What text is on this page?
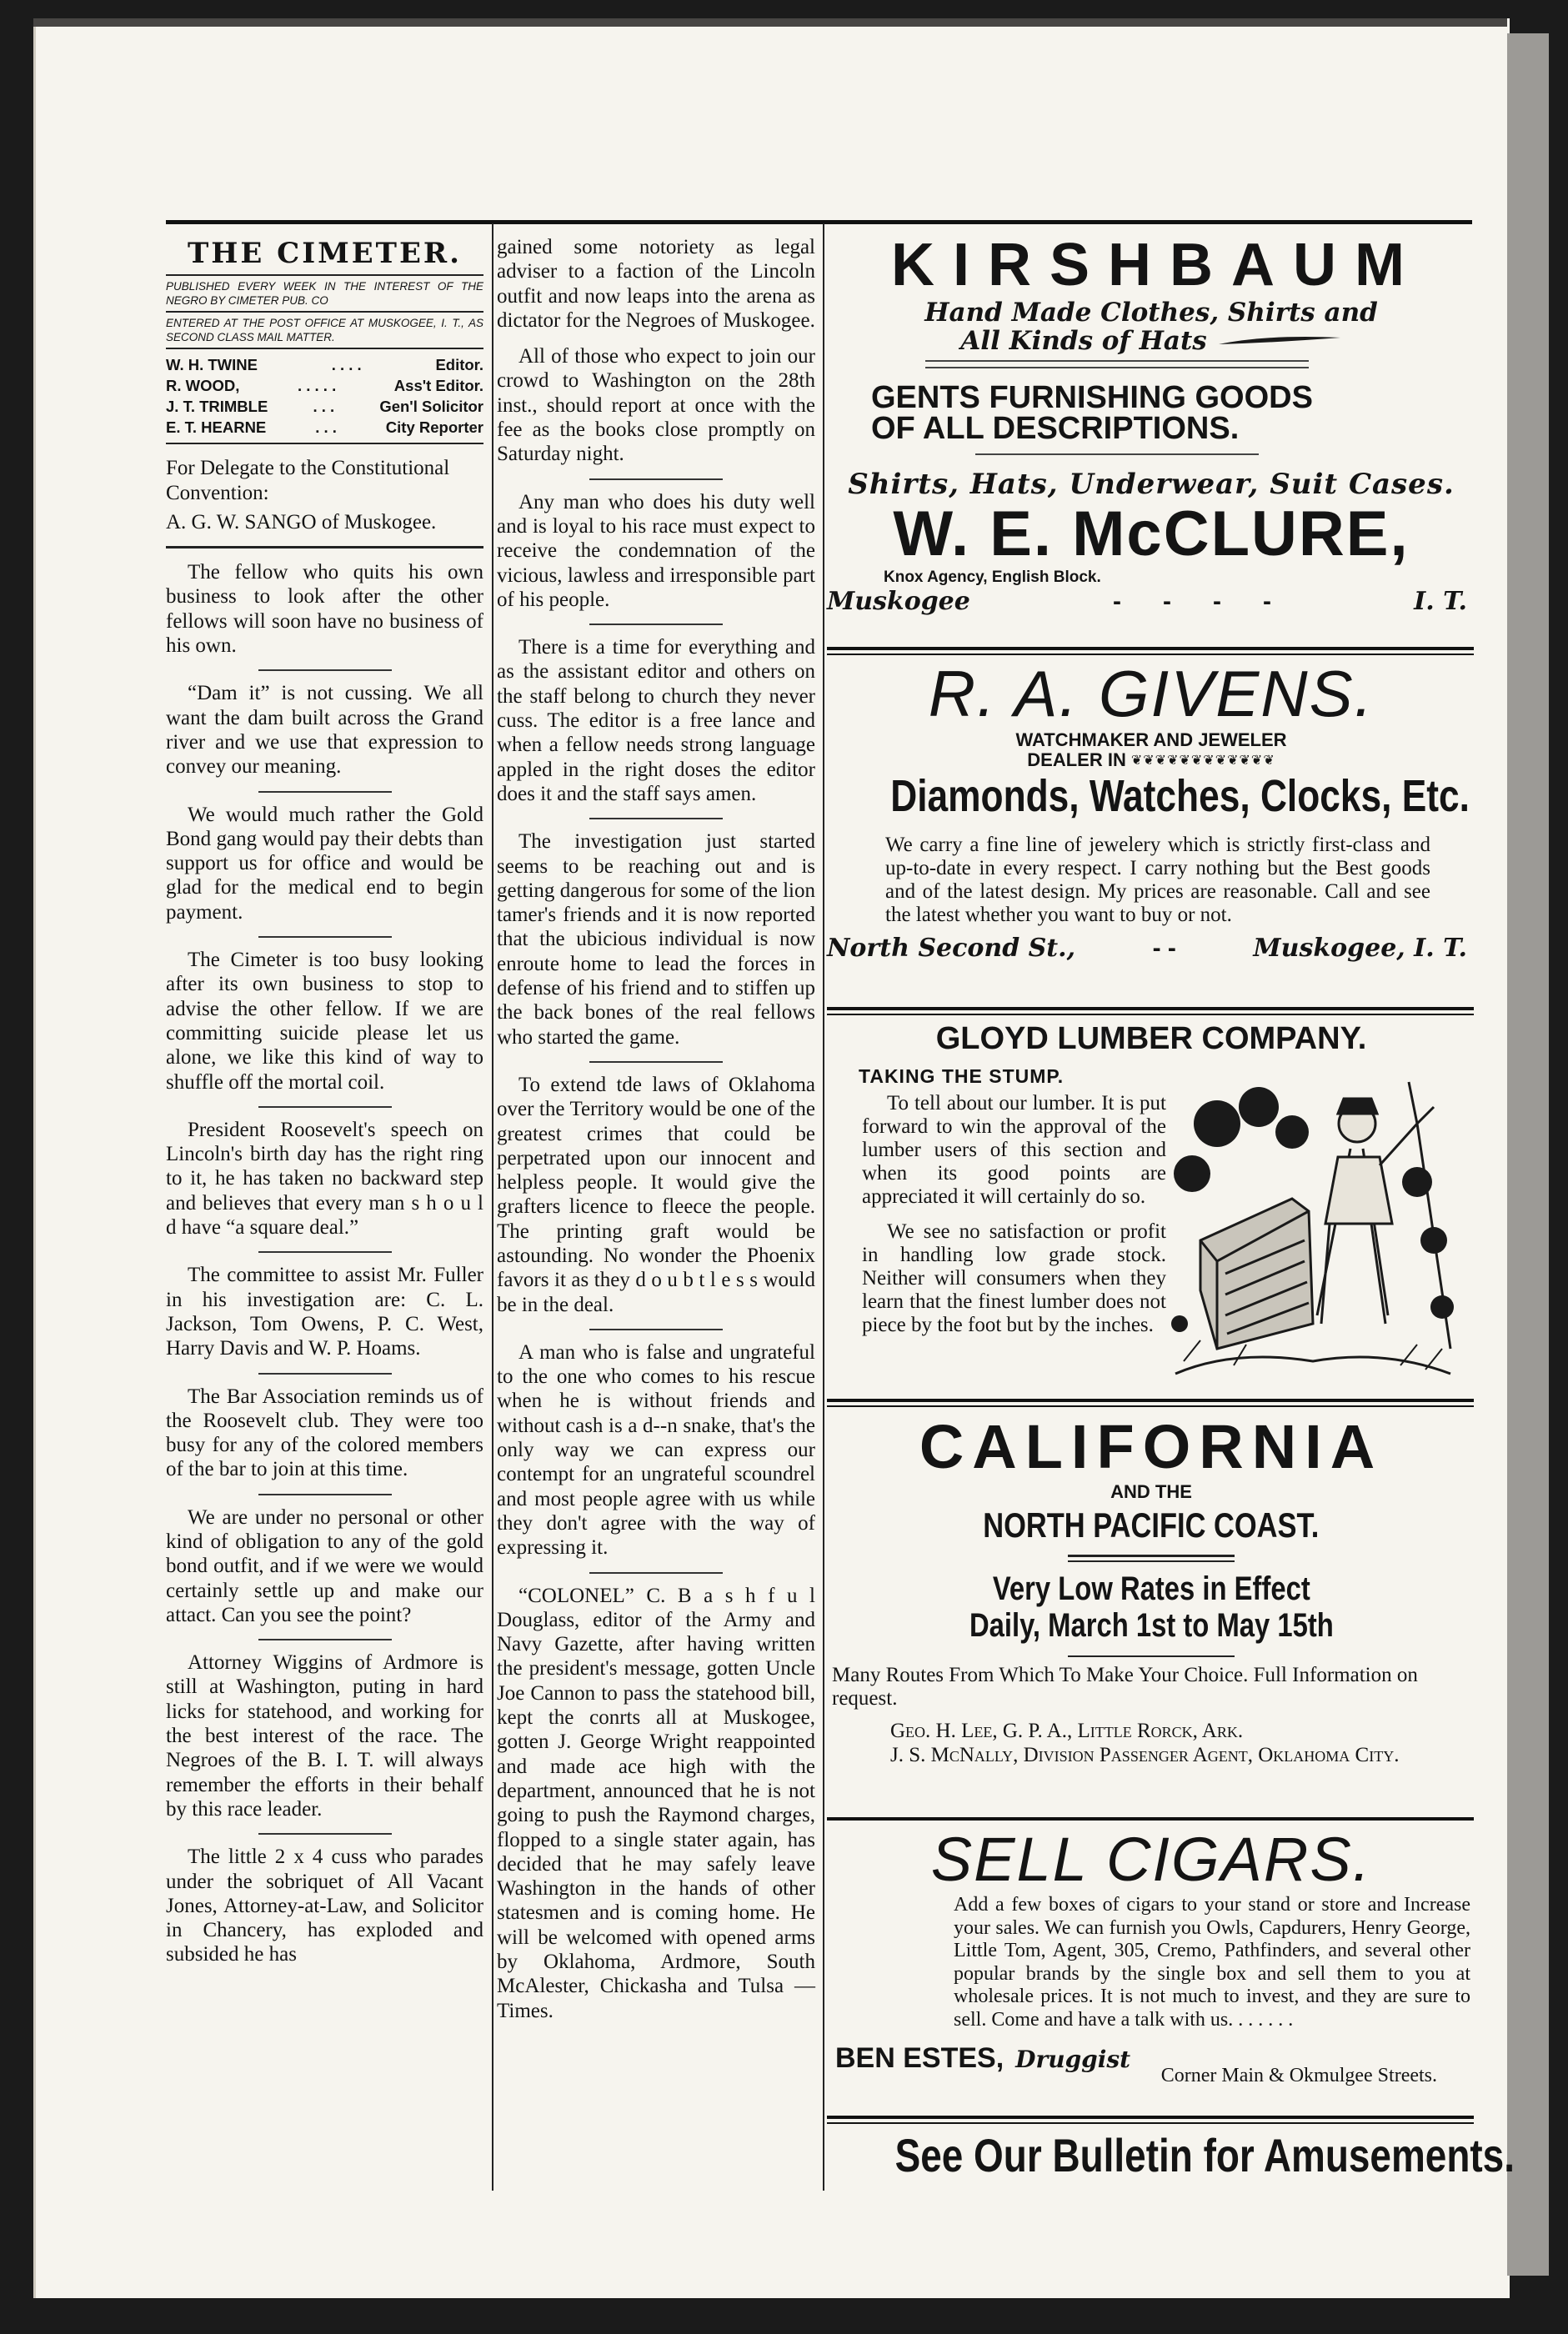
THE CIMETER.
PUBLISHED EVERY WEEK IN THE INTEREST OF THE NEGRO BY CIMETER PUB. CO
ENTERED AT THE POST OFFICE AT MUSKOGEE, I. T., AS SECOND CLASS MAIL MATTER.
W. H. TWINE	. . . .	Editor.
R. WOOD,	. . . . .	Ass't Editor.
J. T. TRIMBLE	. . .	Gen'l Solicitor
E. T. HEARNE	. . .	City Reporter

For Delegate to the Constitutional Convention:

A. G. W. SANGO of Muskogee.

The fellow who quits his own business to look after the other fellows will soon have no business of his own.

“Dam it” is not cussing. We all want the dam built across the Grand river and we use that expression to convey our meaning.

We would much rather the Gold Bond gang would pay their debts than support us for office and would be glad for the medical end to begin payment.

The Cimeter is too busy looking after its own business to stop to advise the other fellow. If we are committing suicide please let us alone, we like this kind of way to shuffle off the mortal coil.

President Roosevelt's speech on Lincoln's birth day has the right ring to it, he has taken no backward step and believes that every man s h o u l d have “a square deal.”

The committee to assist Mr. Fuller in his investigation are: C. L. Jackson, Tom Owens, P. C. West, Harry Davis and W. P. Hoams.

The Bar Association reminds us of the Roosevelt club. They were too busy for any of the colored members of the bar to join at this time.

We are under no personal or other kind of obligation to any of the gold bond outfit, and if we were we would certainly settle up and make our attact. Can you see the point?

Attorney Wiggins of Ardmore is still at Washington, puting in hard licks for statehood, and working for the best interest of the race. The Negroes of the B. I. T. will always remember the efforts in their behalf by this race leader.

The little 2 x 4 cuss who parades under the sobriquet of All Vacant Jones, Attorney-at-Law, and Solicitor in Chancery, has exploded and subsided he has

gained some notoriety as legal adviser to a faction of the Lincoln outfit and now leaps into the arena as dictator for the Negroes of Muskogee.

All of those who expect to join our crowd to Washington on the 28th inst., should report at once with the fee as the books close promptly on Saturday night.

Any man who does his duty well and is loyal to his race must expect to receive the condemnation of the vicious, lawless and irresponsible part of his people.

There is a time for everything and as the assistant editor and others on the staff belong to church they never cuss. The editor is a free lance and when a fellow needs strong language appled in the right doses the editor does it and the staff says amen.

The investigation just started seems to be reaching out and is getting dangerous for some of the lion tamer's friends and it is now reported that the ubicious individual is now enroute home to lead the forces in defense of his friend and to stiffen up the back bones of the real fellows who started the game.

To extend tde laws of Oklahoma over the Territory would be one of the greatest crimes that could be perpetrated upon our innocent and helpless people. It would give the grafters licence to fleece the people. The printing graft would be astounding. No wonder the Phoenix favors it as they d o u b t l e s s would be in the deal.

A man who is false and ungrateful to the one who comes to his rescue when he is without friends and without cash is a d--n snake, that's the only way we can express our contempt for an ungrateful scoundrel and most people agree with us while they don't agree with the way of expressing it.

“COLONEL” C. B a s h f u l Douglass, editor of the Army and Navy Gazette, after having written the president's message, gotten Uncle Joe Cannon to pass the statehood bill, kept the conrts all at Muskogee, gotten J. George Wright reappointed and made ace high with the department, announced that he is not going to push the Raymond charges, flopped to a single stater again, has decided that he may safely leave Washington in the hands of other statesmen and is coming home. He will be welcomed with opened arms by Oklahoma, Ardmore, South McAlester, Chickasha and Tulsa —Times.

KIRSHBAUM
Hand Made Clothes, Shirts and
All Kinds of Hats
GENTS FURNISHING GOODS
OF ALL DESCRIPTIONS.
Shirts, Hats, Underwear, Suit Cases.
W. E. McCLURE,
Knox Agency, English Block.
Muskogee	-      -      -      -	I. T.
R. A. GIVENS.
WATCHMAKER AND JEWELER
DEALER IN ❦❦❦❦❦❦❦❦❦❦❦❦
Diamonds, Watches, Clocks, Etc.
We carry a fine line of jewelery which is strictly first-class and up-to-date in every respect. I carry nothing but the Best goods and of the latest design. My prices are reasonable. Call and see the latest whether you want to buy or not.
North Second St.,	- -	Muskogee, I. T.
GLOYD LUMBER COMPANY.
TAKING THE STUMP.
To tell about our lumber. It is put forward to win the approval of the lumber users of this section and when its good points are appreciated it will certainly do so.
We see no satisfaction or profit in handling low grade stock. Neither will consumers when they learn that the finest lumber does not piece by the foot but by the inches.
CALIFORNIA
AND THE
NORTH PACIFIC COAST.
Very Low Rates in Effect
Daily, March 1st to May 15th
Many Routes From Which To Make Your Choice. Full Information on request.
Geo. H. Lee, G. P. A., Little Rorck, Ark.
J. S. McNally, Division Passenger Agent, Oklahoma City.
SELL CIGARS.
Add a few boxes of cigars to your stand or store and Increase your sales. We can furnish you Owls, Capdurers, Henry George, Little Tom, Agent, 305, Cremo, Pathfinders, and several other popular brands by the single box and sell them to you at wholesale prices. It is not much to invest, and they are sure to sell. Come and have a talk with us. . . . . . .
BEN ESTES, Druggist
Corner Main & Okmulgee Streets.
See Our Bulletin for Amusements.
